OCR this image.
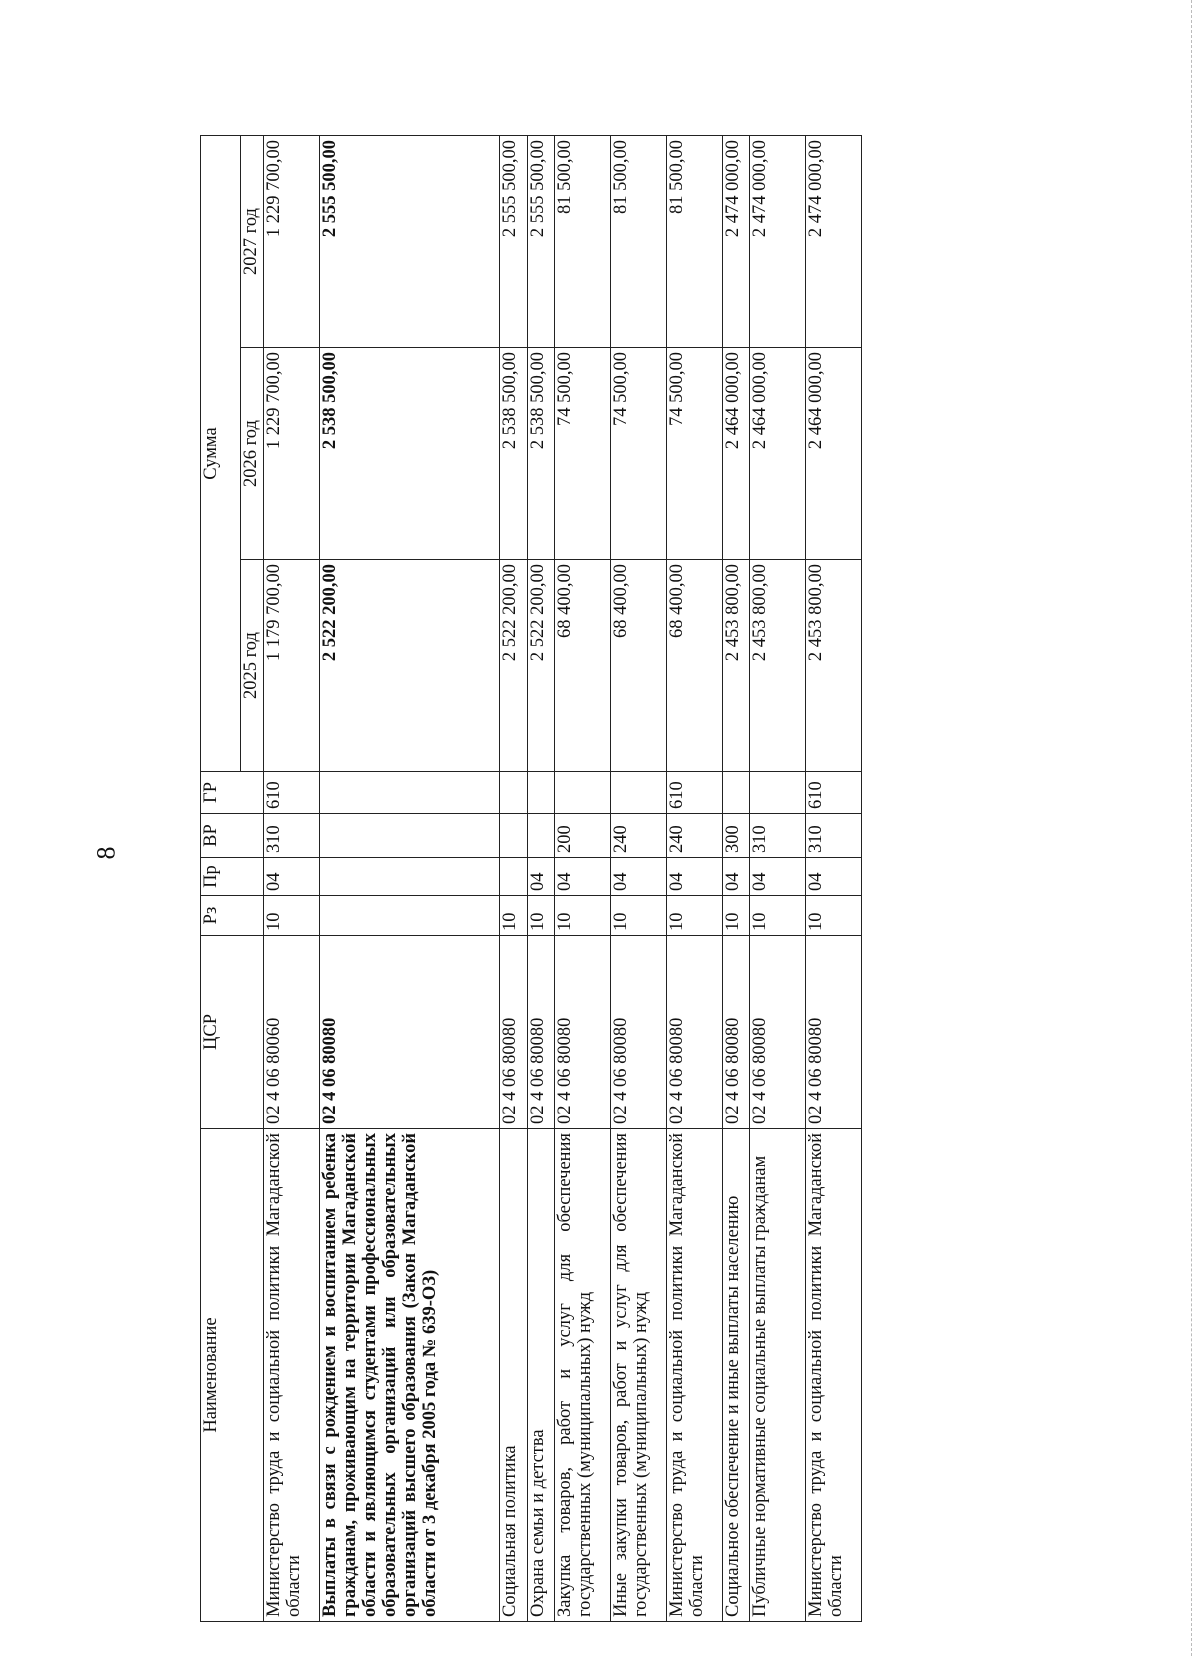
8
Наименование	ЦСР	Рз	Пр	ВР	ГР	Сумма		
						2025 год	2026 год	2027 год
Министерство труда и социальной политики Магаданской области	02 4 06 80060	10	04	310	610	1 179 700,00	1 229 700,00	1 229 700,00
Выплаты в связи с рождением и воспитанием ребенка гражданам, проживающим на территории Магаданской области и являющимся студентами профессиональных образовательных организаций или образовательных организаций высшего образования (Закон Магаданской области от 3 декабря 2005 года № 639-ОЗ)	02 4 06 80080					2 522 200,00	2 538 500,00	2 555 500,00
Социальная политика	02 4 06 80080	10				2 522 200,00	2 538 500,00	2 555 500,00
Охрана семьи и детства	02 4 06 80080	10	04			2 522 200,00	2 538 500,00	2 555 500,00
Закупка товаров, работ и услуг для обеспечения государственных (муниципальных) нужд	02 4 06 80080	10	04	200		68 400,00	74 500,00	81 500,00
Иные закупки товаров, работ и услуг для обеспечения государственных (муниципальных) нужд	02 4 06 80080	10	04	240		68 400,00	74 500,00	81 500,00
Министерство труда и социальной политики Магаданской области	02 4 06 80080	10	04	240	610	68 400,00	74 500,00	81 500,00
Социальное обеспечение и иные выплаты населению	02 4 06 80080	10	04	300		2 453 800,00	2 464 000,00	2 474 000,00
Публичные нормативные социальные выплаты гражданам	02 4 06 80080	10	04	310		2 453 800,00	2 464 000,00	2 474 000,00
Министерство труда и социальной политики Магаданской области	02 4 06 80080	10	04	310	610	2 453 800,00	2 464 000,00	2 474 000,00
